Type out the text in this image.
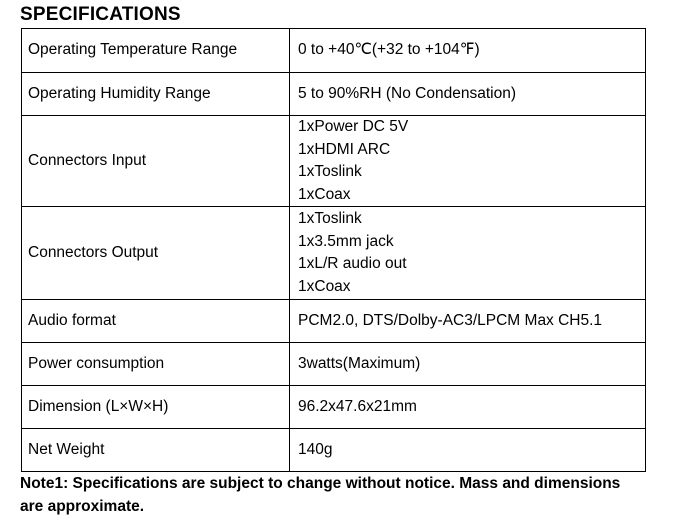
SPECIFICATIONS
Operating Temperature Range	0 to +40℃(+32 to +104℉)

Operating Humidity Range	5 to 90%RH (No Condensation)

Connectors Input	1xPower DC 5V
1xHDMI ARC
1xToslink
1xCoax

Connectors Output	1xToslink
1x3.5mm jack
1xL/R audio out
1xCoax

Audio format	PCM2.0, DTS/Dolby-AC3/LPCM Max CH5.1

Power consumption	3watts(Maximum)

Dimension (L×W×H)	96.2x47.6x21mm

Net Weight	140g
Note1: Specifications are subject to change without notice. Mass and dimensions are approximate.
